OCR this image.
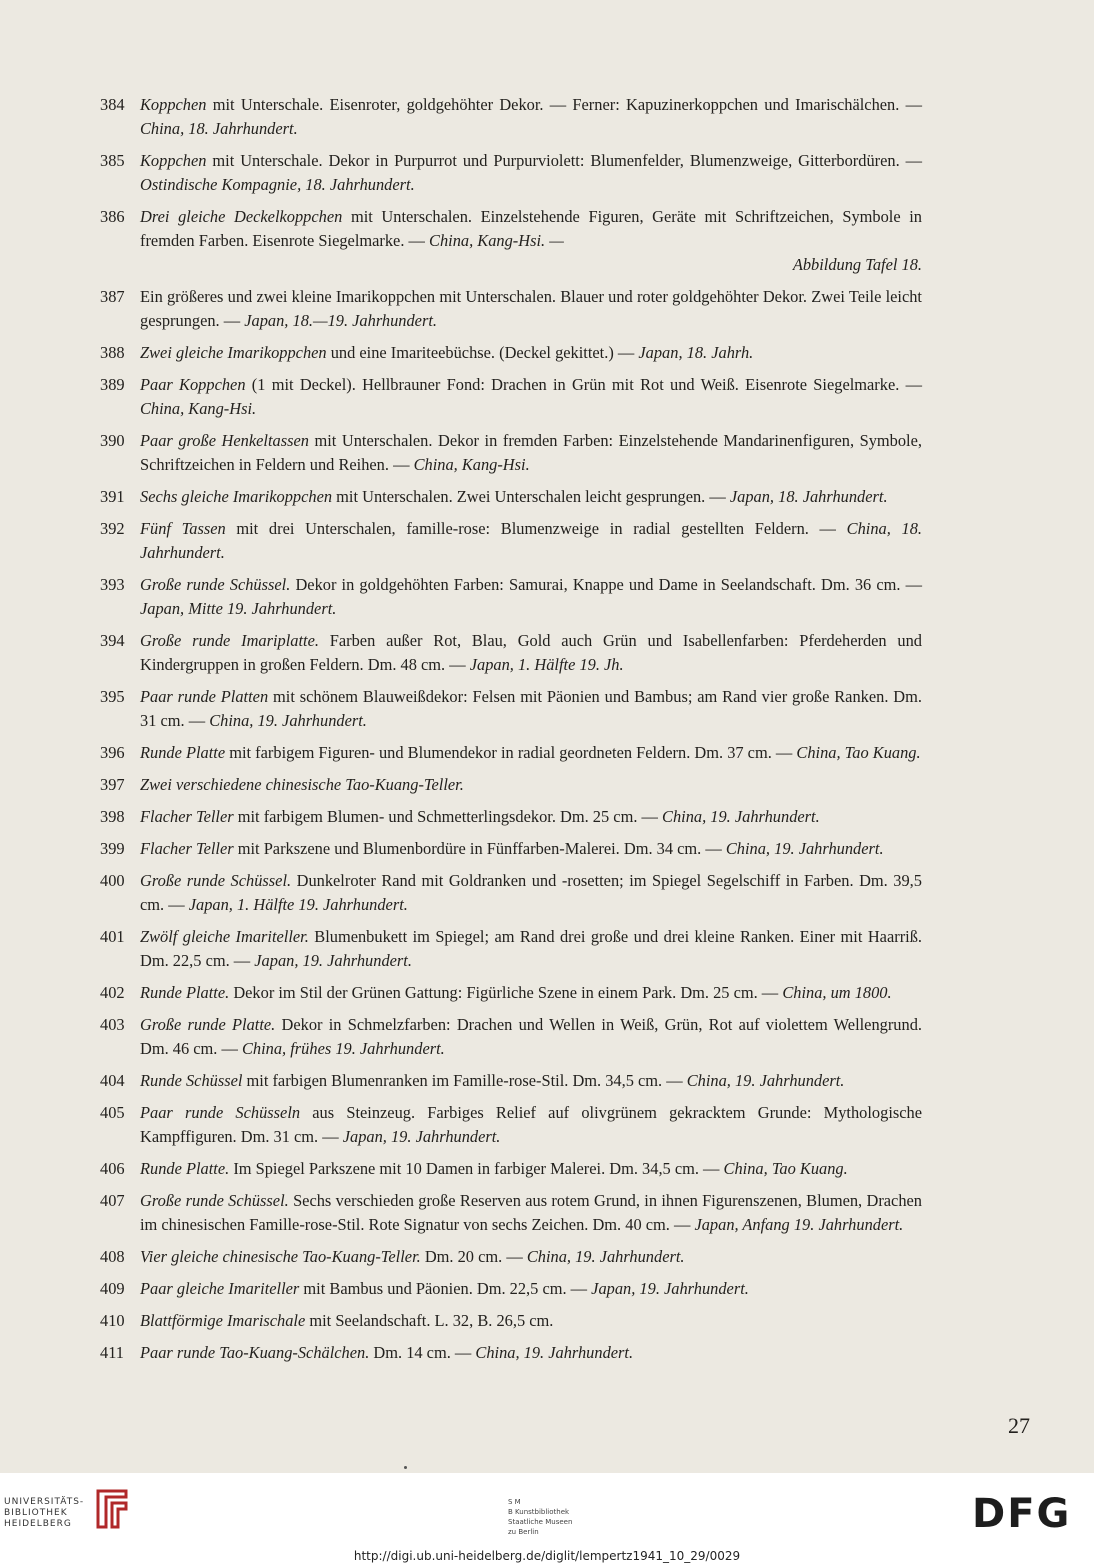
384 Koppchen mit Unterschale. Eisenroter, goldgehöhter Dekor. — Ferner: Kapuzinerkoppchen und Imarischälchen. — China, 18. Jahrhundert.
385 Koppchen mit Unterschale. Dekor in Purpurrot und Purpurviolett: Blumenfelder, Blumenzweige, Gitterbordüren. — Ostindische Kompagnie, 18. Jahrhundert.
386 Drei gleiche Deckelkoppchen mit Unterschalen. Einzelstehende Figuren, Geräte mit Schriftzeichen, Symbole in fremden Farben. Eisenrote Siegelmarke. — China, Kang-Hsi. —
Abbildung Tafel 18.
387 Ein größeres und zwei kleine Imarikoppchen mit Unterschalen. Blauer und roter goldgehöhter Dekor. Zwei Teile leicht gesprungen. — Japan, 18.—19. Jahrhundert.
388 Zwei gleiche Imarikoppchen und eine Imariteebüchse. (Deckel gekittet.) — Japan, 18. Jahrh.
389 Paar Koppchen (1 mit Deckel). Hellbrauner Fond: Drachen in Grün mit Rot und Weiß. Eisenrote Siegelmarke. — China, Kang-Hsi.
390 Paar große Henkeltassen mit Unterschalen. Dekor in fremden Farben: Einzelstehende Mandarinenfiguren, Symbole, Schriftzeichen in Feldern und Reihen. — China, Kang-Hsi.
391 Sechs gleiche Imarikoppchen mit Unterschalen. Zwei Unterschalen leicht gesprungen. — Japan, 18. Jahrhundert.
392 Fünf Tassen mit drei Unterschalen, famille-rose: Blumenzweige in radial gestellten Feldern. — China, 18. Jahrhundert.
393 Große runde Schüssel. Dekor in goldgehöhten Farben: Samurai, Knappe und Dame in Seelandschaft. Dm. 36 cm. — Japan, Mitte 19. Jahrhundert.
394 Große runde Imariplatte. Farben außer Rot, Blau, Gold auch Grün und Isabellenfarben: Pferdeherden und Kindergruppen in großen Feldern. Dm. 48 cm. — Japan, 1. Hälfte 19. Jh.
395 Paar runde Platten mit schönem Blauweißdekor: Felsen mit Päonien und Bambus; am Rand vier große Ranken. Dm. 31 cm. — China, 19. Jahrhundert.
396 Runde Platte mit farbigem Figuren- und Blumendekor in radial geordneten Feldern. Dm. 37 cm. — China, Tao Kuang.
397 Zwei verschiedene chinesische Tao-Kuang-Teller.
398 Flacher Teller mit farbigem Blumen- und Schmetterlingsdekor. Dm. 25 cm. — China, 19. Jahrhundert.
399 Flacher Teller mit Parkszene und Blumenbordüre in Fünffarben-Malerei. Dm. 34 cm. — China, 19. Jahrhundert.
400 Große runde Schüssel. Dunkelroter Rand mit Goldranken und -rosetten; im Spiegel Segelschiff in Farben. Dm. 39,5 cm. — Japan, 1. Hälfte 19. Jahrhundert.
401 Zwölf gleiche Imariteller. Blumenbukett im Spiegel; am Rand drei große und drei kleine Ranken. Einer mit Haarriß. Dm. 22,5 cm. — Japan, 19. Jahrhundert.
402 Runde Platte. Dekor im Stil der Grünen Gattung: Figürliche Szene in einem Park. Dm. 25 cm. — China, um 1800.
403 Große runde Platte. Dekor in Schmelzfarben: Drachen und Wellen in Weiß, Grün, Rot auf violettem Wellengrund. Dm. 46 cm. — China, frühes 19. Jahrhundert.
404 Runde Schüssel mit farbigen Blumenranken im Famille-rose-Stil. Dm. 34,5 cm. — China, 19. Jahrhundert.
405 Paar runde Schüsseln aus Steinzeug. Farbiges Relief auf olivgrünem gekracktem Grunde: Mythologische Kampffiguren. Dm. 31 cm. — Japan, 19. Jahrhundert.
406 Runde Platte. Im Spiegel Parkszene mit 10 Damen in farbiger Malerei. Dm. 34,5 cm. — China, Tao Kuang.
407 Große runde Schüssel. Sechs verschieden große Reserven aus rotem Grund, in ihnen Figurenszenen, Blumen, Drachen im chinesischen Famille-rose-Stil. Rote Signatur von sechs Zeichen. Dm. 40 cm. — Japan, Anfang 19. Jahrhundert.
408 Vier gleiche chinesische Tao-Kuang-Teller. Dm. 20 cm. — China, 19. Jahrhundert.
409 Paar gleiche Imariteller mit Bambus und Päonien. Dm. 22,5 cm. — Japan, 19. Jahrhundert.
410 Blattförmige Imarischale mit Seelandschaft. L. 32, B. 26,5 cm.
411 Paar runde Tao-Kuang-Schälchen. Dm. 14 cm. — China, 19. Jahrhundert.
27
UNIVERSITÄTS-
BIBLIOTHEK
HEIDELBERG
S M
B Kunstbibliothek
Staatliche Museen
zu Berlin	DFG
http://digi.ub.uni-heidelberg.de/diglit/lempertz1941_10_29/0029
